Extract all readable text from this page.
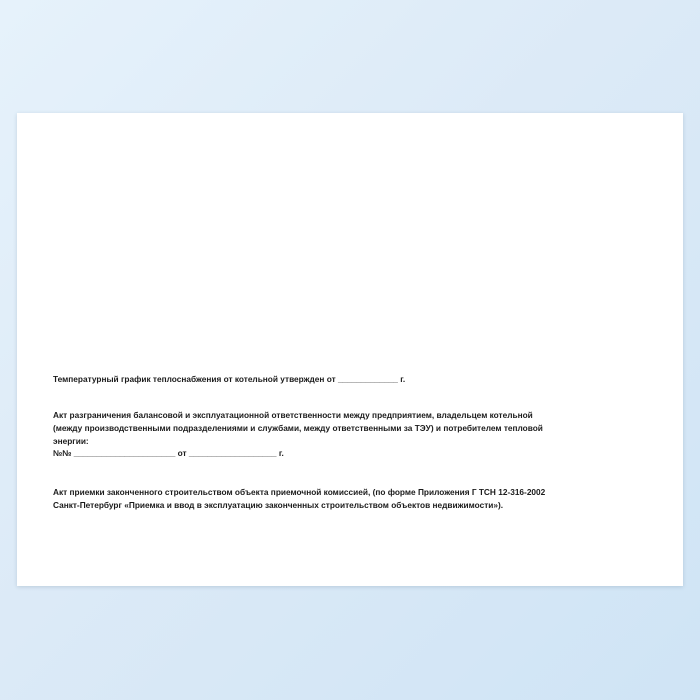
Температурный график теплоснабжения от котельной утвержден от _____________ г.

Акт разграничения балансовой и эксплуатационной ответственности между предприятием, владельцем котельной
(между производственными подразделениями и службами, между ответственными за ТЭУ) и потребителем тепловой
энергии:
№№ ______________________ от ___________________ г.

Акт приемки законченного строительством объекта приемочной комиссией, (по форме Приложения Г ТСН 12-316-2002
Санкт-Петербург «Приемка и ввод в эксплуатацию законченных строительством объектов недвижимости»).
